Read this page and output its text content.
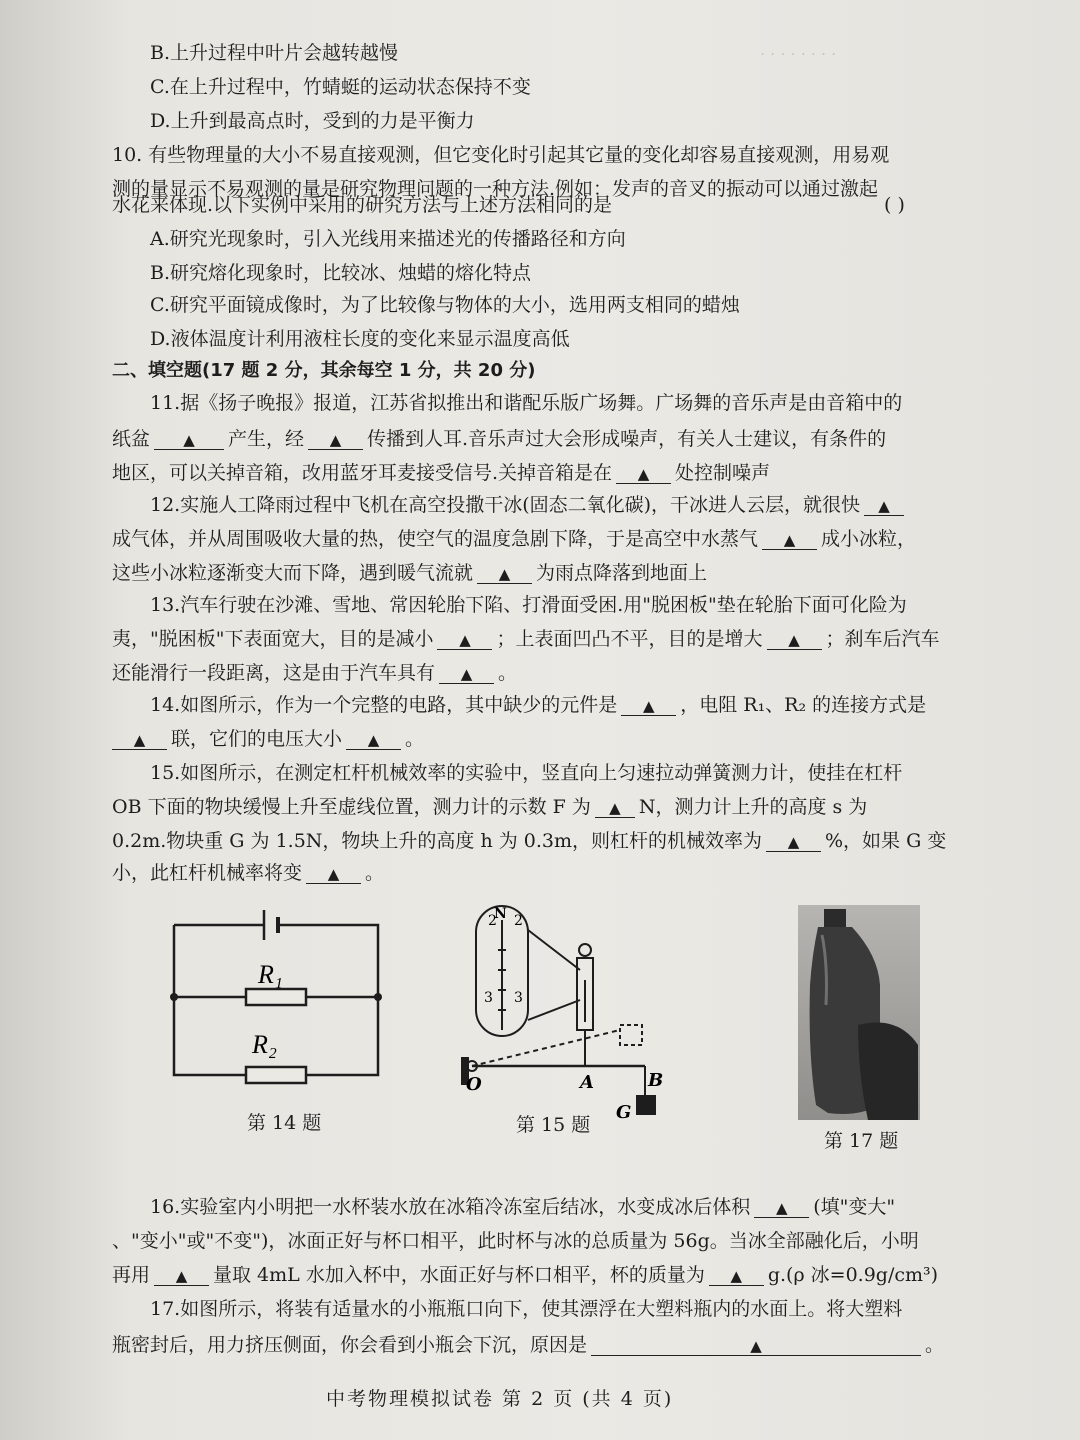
. . . . . . . .
B.上升过程中叶片会越转越慢
C.在上升过程中，竹蜻蜓的运动状态保持不变
D.上升到最高点时，受到的力是平衡力
10. 有些物理量的大小不易直接观测，但它变化时引起其它量的变化却容易直接观测，用易观
测的量显示不易观测的量是研究物理问题的一种方法.例如：发声的音叉的振动可以通过激起
水花来体现.以下实例中采用的研究方法与上述方法相同的是	( )
A.研究光现象时，引入光线用来描述光的传播路径和方向
B.研究熔化现象时，比较冰、烛蜡的熔化特点
C.研究平面镜成像时，为了比较像与物体的大小，选用两支相同的蜡烛
D.液体温度计利用液柱长度的变化来显示温度高低
二、填空题(17 题 2 分，其余每空 1 分，共 20 分)
11.据《扬子晚报》报道，江苏省拟推出和谐配乐版广场舞。广场舞的音乐声是由音箱中的
纸盆 ▲ 产生，经 ▲ 传播到人耳.音乐声过大会形成噪声，有关人士建议，有条件的
地区，可以关掉音箱，改用蓝牙耳麦接受信号.关掉音箱是在 ▲ 处控制噪声
12.实施人工降雨过程中飞机在高空投撒干冰(固态二氧化碳)，干冰进人云层，就很快 ▲
成气体，并从周围吸收大量的热，使空气的温度急剧下降，于是高空中水蒸气 ▲ 成小冰粒，
这些小冰粒逐渐变大而下降，遇到暖气流就 ▲ 为雨点降落到地面上
13.汽车行驶在沙滩、雪地、常因轮胎下陷、打滑面受困.用"脱困板"垫在轮胎下面可化险为
夷，"脱困板"下表面宽大，目的是减小 ▲ ；上表面凹凸不平，目的是增大 ▲ ；刹车后汽车
还能滑行一段距离，这是由于汽车具有 ▲ 。
14.如图所示，作为一个完整的电路，其中缺少的元件是 ▲ ，电阻 R₁、R₂ 的连接方式是
▲ 联，它们的电压大小 ▲ 。
15.如图所示，在测定杠杆机械效率的实验中，竖直向上匀速拉动弹簧测力计，使挂在杠杆
OB 下面的物块缓慢上升至虚线位置，测力计的示数 F 为 ▲ N，测力计上升的高度 s 为
0.2m.物块重 G 为 1.5N，物块上升的高度 h 为 0.3m，则杠杆的机械效率为 ▲ %，如果 G 变
小，此杠杆机械率将变 ▲ 。
R₁
R₂
第 14 题
2
N 2
3 3
O	A	B
G
第 15 题
第 17 题
16.实验室内小明把一水杯装水放在冰箱冷冻室后结冰，水变成冰后体积 ▲ (填"变大"
、"变小"或"不变")，冰面正好与杯口相平，此时杯与冰的总质量为 56g。当冰全部融化后，小明
再用 ▲ 量取 4mL 水加入杯中，水面正好与杯口相平，杯的质量为 ▲ g.(ρ 冰=0.9g/cm³)
17.如图所示，将装有适量水的小瓶瓶口向下，使其漂浮在大塑料瓶内的水面上。将大塑料
瓶密封后，用力挤压侧面，你会看到小瓶会下沉，原因是	▲	。
中考物理模拟试卷 第 2 页 (共 4 页)
